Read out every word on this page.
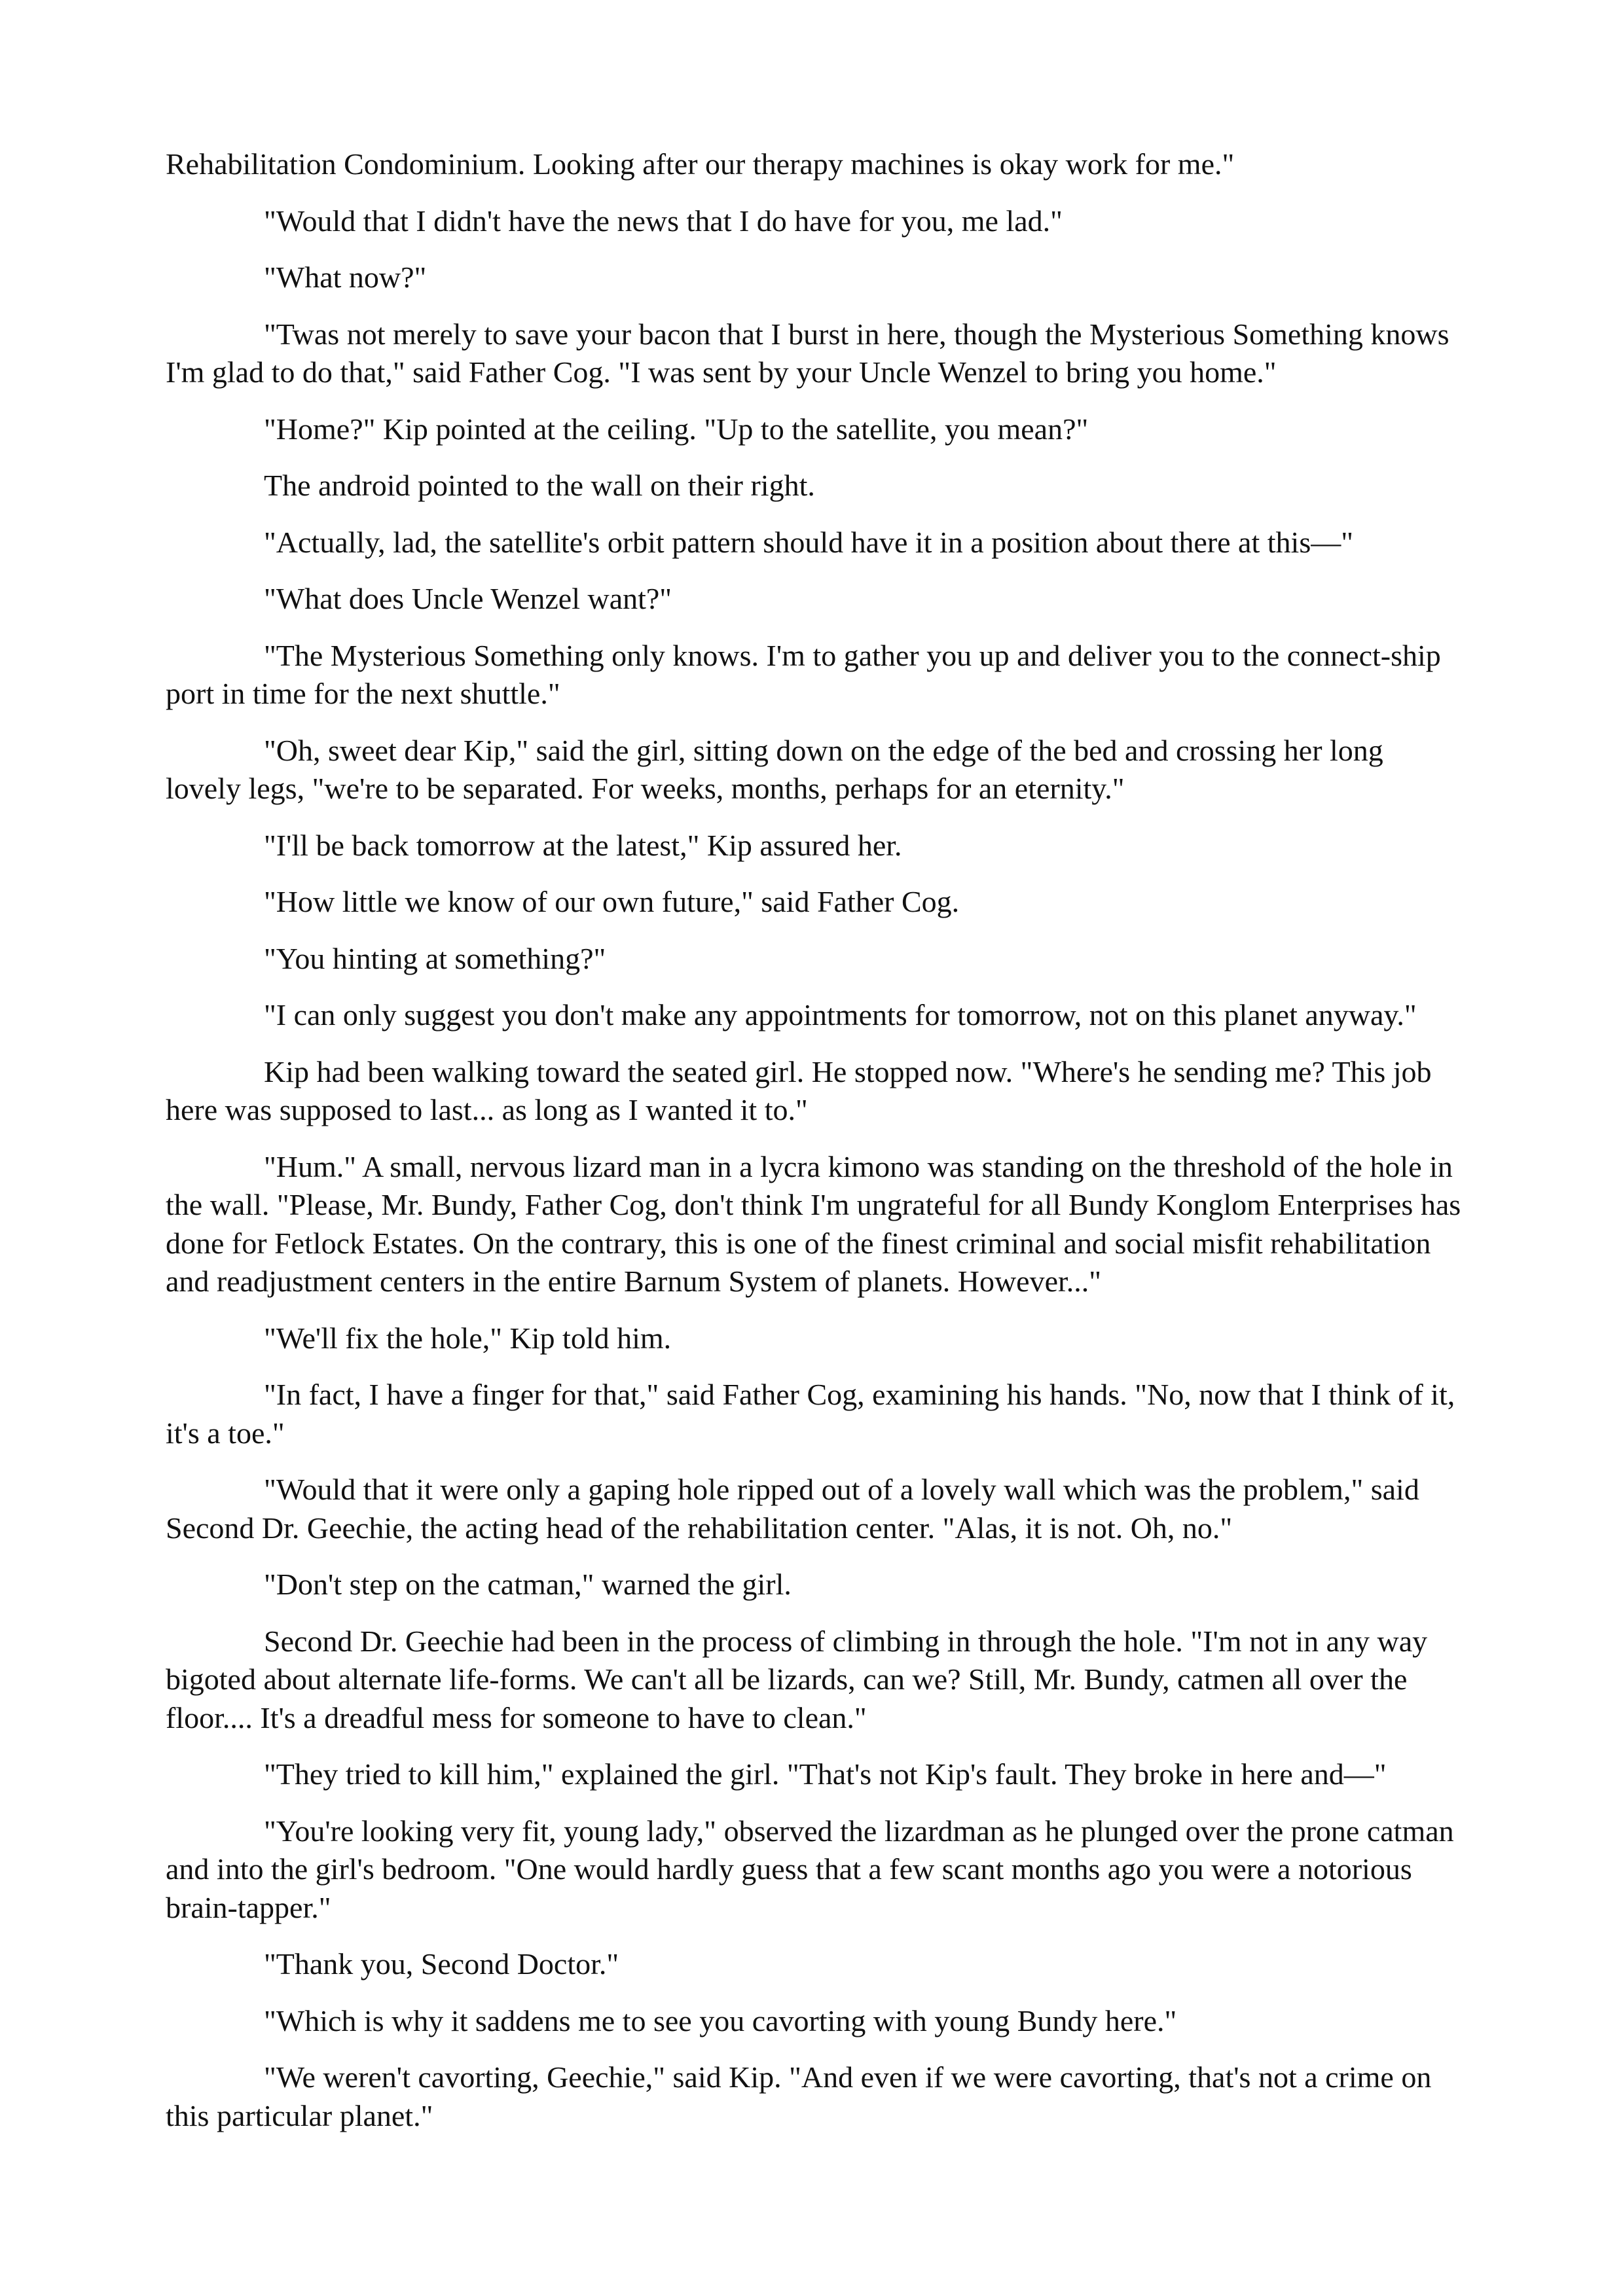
Rehabilitation Condominium. Looking after our therapy machines is okay work for me."

"Would that I didn't have the news that I do have for you, me lad."

"What now?"

"Twas not merely to save your bacon that I burst in here, though the Mysterious Something knows I'm glad to do that," said Father Cog. "I was sent by your Uncle Wenzel to bring you home."

"Home?" Kip pointed at the ceiling. "Up to the satellite, you mean?"

The android pointed to the wall on their right.

"Actually, lad, the satellite's orbit pattern should have it in a position about there at this—"

"What does Uncle Wenzel want?"

"The Mysterious Something only knows. I'm to gather you up and deliver you to the connect-ship port in time for the next shuttle."

"Oh, sweet dear Kip," said the girl, sitting down on the edge of the bed and crossing her long lovely legs, "we're to be separated. For weeks, months, perhaps for an eternity."

"I'll be back tomorrow at the latest," Kip assured her.

"How little we know of our own future," said Father Cog.

"You hinting at something?"

"I can only suggest you don't make any appointments for tomorrow, not on this planet anyway."

Kip had been walking toward the seated girl. He stopped now. "Where's he sending me? This job here was supposed to last... as long as I wanted it to."

"Hum." A small, nervous lizard man in a lycra kimono was standing on the threshold of the hole in the wall. "Please, Mr. Bundy, Father Cog, don't think I'm ungrateful for all Bundy Konglom Enterprises has done for Fetlock Estates. On the contrary, this is one of the finest criminal and social misfit rehabilitation and readjustment centers in the entire Barnum System of planets. However..."

"We'll fix the hole," Kip told him.

"In fact, I have a finger for that," said Father Cog, examining his hands. "No, now that I think of it, it's a toe."

"Would that it were only a gaping hole ripped out of a lovely wall which was the problem," said Second Dr. Geechie, the acting head of the rehabilitation center. "Alas, it is not. Oh, no."

"Don't step on the catman," warned the girl.

Second Dr. Geechie had been in the process of climbing in through the hole. "I'm not in any way bigoted about alternate life-forms. We can't all be lizards, can we? Still, Mr. Bundy, catmen all over the floor.... It's a dreadful mess for someone to have to clean."

"They tried to kill him," explained the girl. "That's not Kip's fault. They broke in here and—"

"You're looking very fit, young lady," observed the lizardman as he plunged over the prone catman and into the girl's bedroom. "One would hardly guess that a few scant months ago you were a notorious brain-tapper."

"Thank you, Second Doctor."

"Which is why it saddens me to see you cavorting with young Bundy here."

"We weren't cavorting, Geechie," said Kip. "And even if we were cavorting, that's not a crime on this particular planet."
